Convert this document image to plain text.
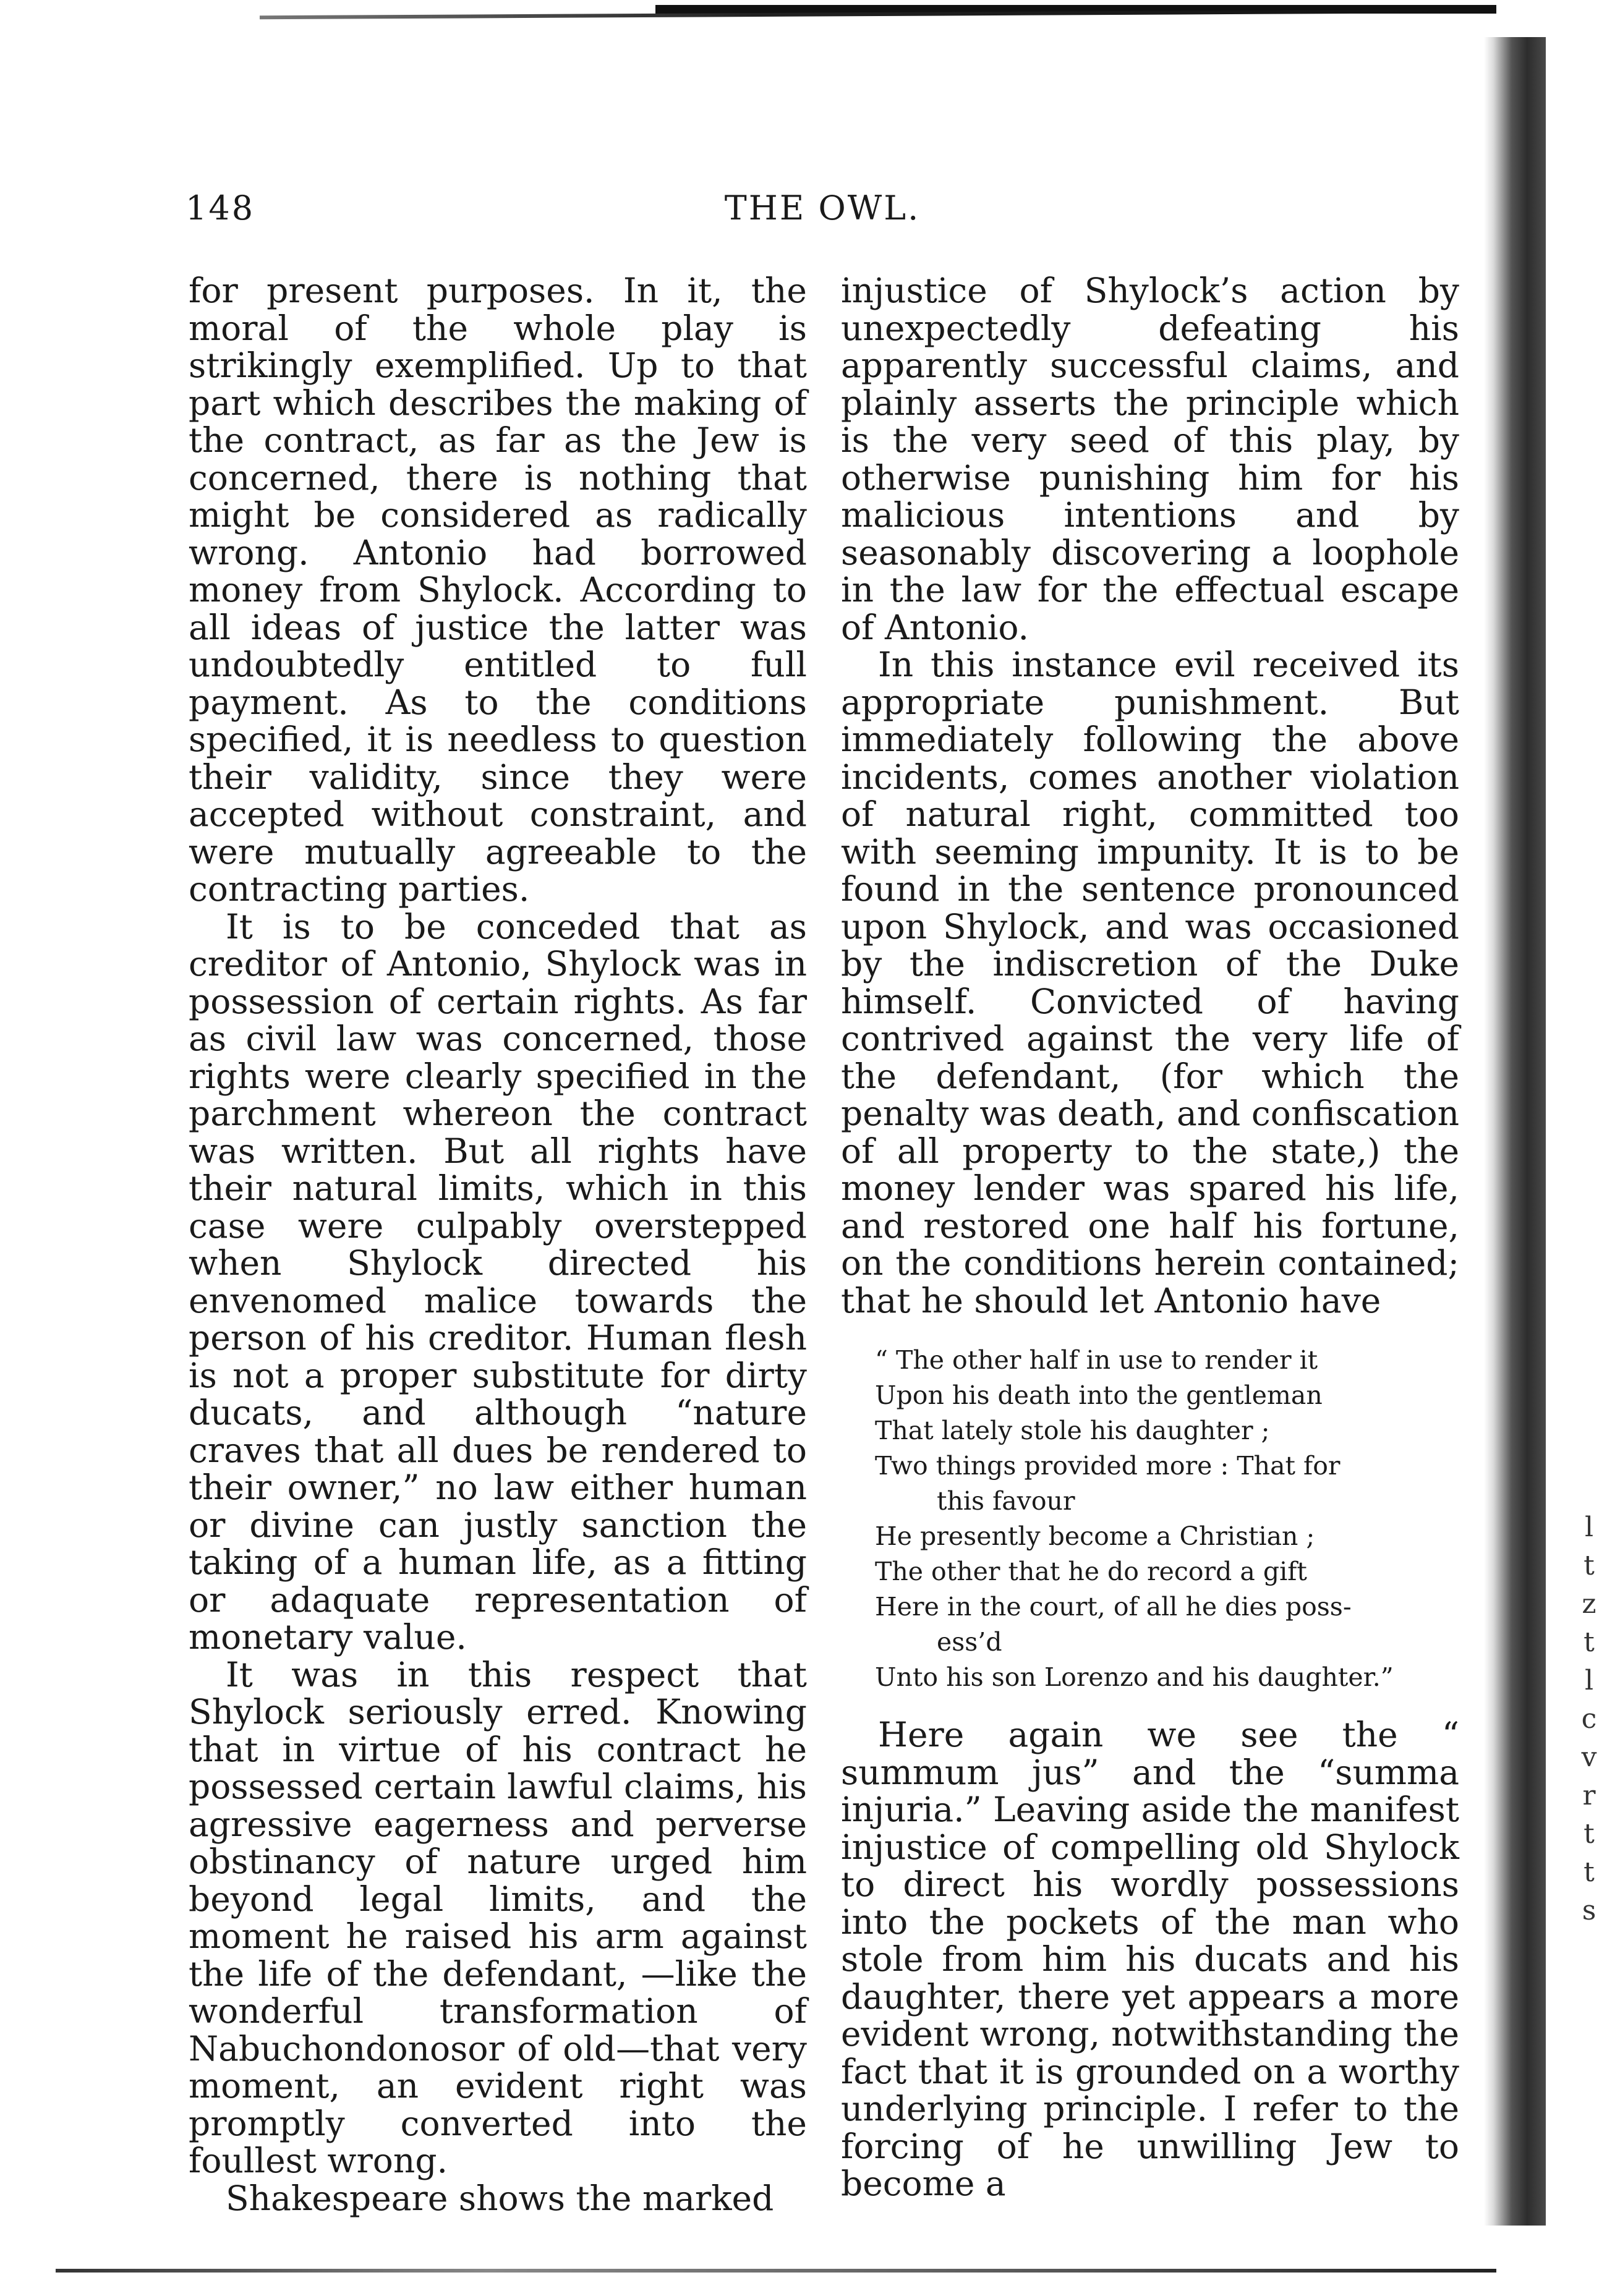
148	THE OWL.

for present purposes. In it, the moral of the whole play is strikingly exemplified. Up to that part which describes the making of the contract, as far as the Jew is concerned, there is nothing that might be considered as radically wrong. Antonio had borrowed money from Shylock. According to all ideas of justice the latter was undoubtedly entitled to full payment. As to the conditions specified, it is needless to question their validity, since they were accepted without constraint, and were mutually agreeable to the contracting parties.

It is to be conceded that as creditor of Antonio, Shylock was in possession of certain rights. As far as civil law was concerned, those rights were clearly specified in the parchment whereon the contract was written. But all rights have their natural limits, which in this case were culpably overstepped when Shylock directed his envenomed malice towards the person of his creditor. Human flesh is not a proper substitute for dirty ducats, and although “nature craves that all dues be rendered to their owner,” no law either human or divine can justly sanction the taking of a human life, as a fitting or adaquate representation of monetary value.

It was in this respect that Shylock seriously erred. Knowing that in virtue of his contract he possessed certain lawful claims, his agressive eagerness and perverse obstinancy of nature urged him beyond legal limits, and the moment he raised his arm against the life of the defendant, —like the wonderful transformation of Nabuchondonosor of old—that very moment, an evident right was promptly converted into the foullest wrong.

Shakespeare shows the marked

injustice of Shylock’s action by unexpectedly defeating his apparently successful claims, and plainly asserts the principle which is the very seed of this play, by otherwise punishing him for his malicious intentions and by seasonably discovering a loophole in the law for the effectual escape of Antonio.

In this instance evil received its appropriate punishment. But immediately following the above incidents, comes another violation of natural right, committed too with seeming impunity. It is to be found in the sentence pronounced upon Shylock, and was occasioned by the indiscretion of the Duke himself. Convicted of having contrived against the very life of the defendant, (for which the penalty was death, and confiscation of all property to the state,) the money lender was spared his life, and restored one half his fortune, on the conditions herein contained; that he should let Antonio have

“ The other half in use to render it
Upon his death into the gentleman
That lately stole his daughter ;
Two things provided more : That for
this favour
He presently become a Christian ;
The other that he do record a gift
Here in the court, of all he dies poss-
ess’d
Unto his son Lorenzo and his daughter.”

Here again we see the “ summum jus” and the “summa injuria.” Leaving aside the manifest injustice of compelling old Shylock to direct his wordly possessions into the pockets of the man who stole from him his ducats and his daughter, there yet appears a more evident wrong, notwithstanding the fact that it is grounded on a worthy underlying principle. I refer to the forcing of he unwilling Jew to become a

l
t
z
t
l
c
v
r
t
t
s
